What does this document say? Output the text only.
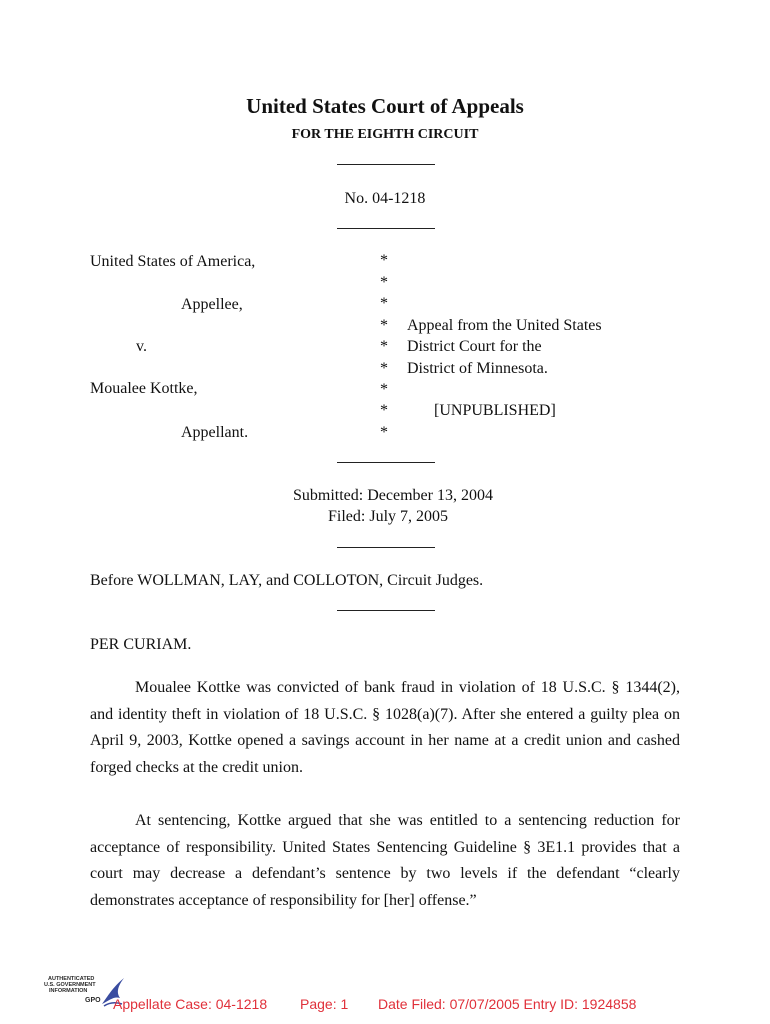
United States Court of Appeals
FOR THE EIGHTH CIRCUIT
No. 04-1218
United States of America,
Appellee,
v.
Moualee Kottke,
Appellant.
*
*
*
*
*
*
*
*
*
Appeal from the United States
District Court for the
District of Minnesota.
[UNPUBLISHED]
Submitted: December 13, 2004
Filed: July 7, 2005
Before WOLLMAN, LAY, and COLLOTON, Circuit Judges.
PER CURIAM.

Moualee Kottke was convicted of bank fraud in violation of 18 U.S.C. § 1344(2), and identity theft in violation of 18 U.S.C. § 1028(a)(7). After she entered a guilty plea on April 9, 2003, Kottke opened a savings account in her name at a credit union and cashed forged checks at the credit union.

At sentencing, Kottke argued that she was entitled to a sentencing reduction for acceptance of responsibility. United States Sentencing Guideline § 3E1.1 provides that a court may decrease a defendant’s sentence by two levels if the defendant “clearly demonstrates acceptance of responsibility for [her] offense.”

AUTHENTICATED
U.S. GOVERNMENT
INFORMATION
GPO Appellate Case: 04-1218 Page: 1 Date Filed: 07/07/2005 Entry ID: 1924858
